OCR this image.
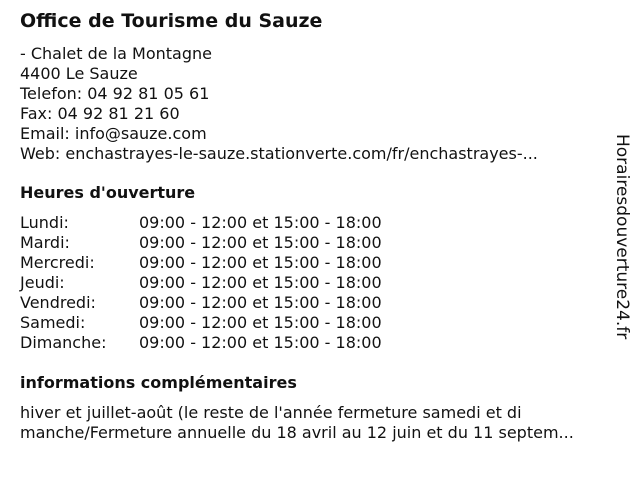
Office de Tourisme du Sauze
- Chalet de la Montagne
4400 Le Sauze
Telefon: 04 92 81 05 61
Fax: 04 92 81 21 60
Email: info@sauze.com
Web: enchastrayes-le-sauze.stationverte.com/fr/enchastrayes-...
Heures d'ouverture
Lundi:	09:00 - 12:00 et 15:00 - 18:00
Mardi:	09:00 - 12:00 et 15:00 - 18:00
Mercredi:	09:00 - 12:00 et 15:00 - 18:00
Jeudi:	09:00 - 12:00 et 15:00 - 18:00
Vendredi:	09:00 - 12:00 et 15:00 - 18:00
Samedi:	09:00 - 12:00 et 15:00 - 18:00
Dimanche: 09:00 - 12:00 et 15:00 - 18:00
informations complémentaires
hiver et juillet-août (le reste de l'année fermeture samedi et di
manche/Fermeture annuelle du 18 avril au 12 juin et du 11 septem...
Horairesdouverture24.fr
